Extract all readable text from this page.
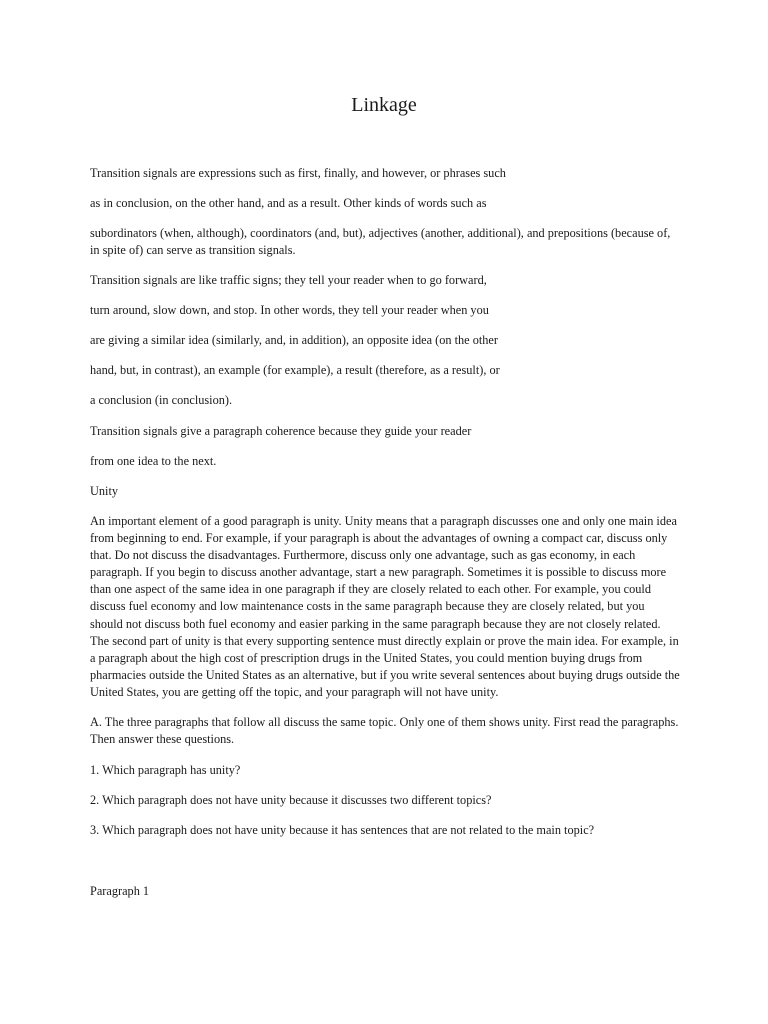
Linkage

Transition signals are expressions such as first, finally, and however, or phrases such

as in conclusion, on the other hand, and as a result. Other kinds of words such as

subordinators (when, although), coordinators (and, but), adjectives (another, additional), and prepositions (because of, in spite of) can serve as transition signals.

Transition signals are like traffic signs; they tell your reader when to go forward,

turn around, slow down, and stop. In other words, they tell your reader when you

are giving a similar idea (similarly, and, in addition), an opposite idea (on the other

hand, but, in contrast), an example (for example), a result (therefore, as a result), or

a conclusion (in conclusion).

Transition signals give a paragraph coherence because they guide your reader

from one idea to the next.

Unity

An important element of a good paragraph is unity. Unity means that a paragraph discusses one and only one main idea from beginning to end. For example, if your paragraph is about the advantages of owning a compact car, discuss only that. Do not discuss the disadvantages. Furthermore, discuss only one advantage, such as gas economy, in each paragraph. If you begin to discuss another advantage, start a new paragraph. Sometimes it is possible to discuss more than one aspect of the same idea in one paragraph if they are closely related to each other. For example, you could discuss fuel economy and low maintenance costs in the same paragraph because they are closely related, but you should not discuss both fuel economy and easier parking in the same paragraph because they are not closely related. The second part of unity is that every supporting sentence must directly explain or prove the main idea. For example, in a paragraph about the high cost of prescription drugs in the United States, you could mention buying drugs from pharmacies outside the United States as an alternative, but if you write several sentences about buying drugs outside the United States, you are getting off the topic, and your paragraph will not have unity.

A. The three paragraphs that follow all discuss the same topic. Only one of them shows unity. First read the paragraphs. Then answer these questions.

1. Which paragraph has unity?

2. Which paragraph does not have unity because it discusses two different topics?

3. Which paragraph does not have unity because it has sentences that are not related to the main topic?

Paragraph 1
